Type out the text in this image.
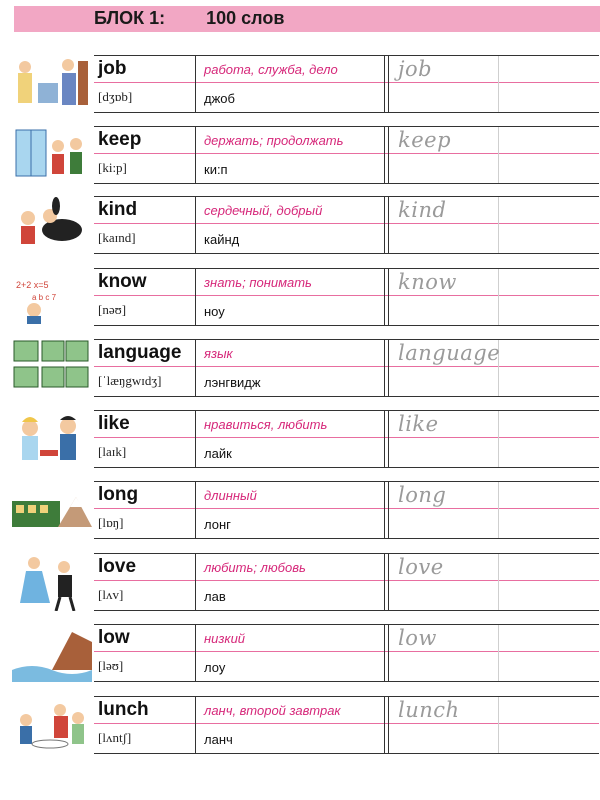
БЛОК 1: 100 слов
job
[dʒɒb]
работа, служба, дело
джоб
job
keep
[ki:p]
держать; продолжать
ки:п
keep
kind
[kaɪnd]
сердечный, добрый
кайнд
kind
2+2 x=5
a b c 7
know
[nəʊ]
знать; понимать
ноу
know
language
[ˈlæŋgwɪdʒ]
язык
лэнгвидж
language
like
[laɪk]
нравиться, любить
лайк
like
long
[lɒŋ]
длинный
лонг
long
love
[lʌv]
любить; любовь
лав
love
low
[ləʊ]
низкий
лоу
low
lunch
[lʌntʃ]
ланч, второй завтрак
ланч
lunch
